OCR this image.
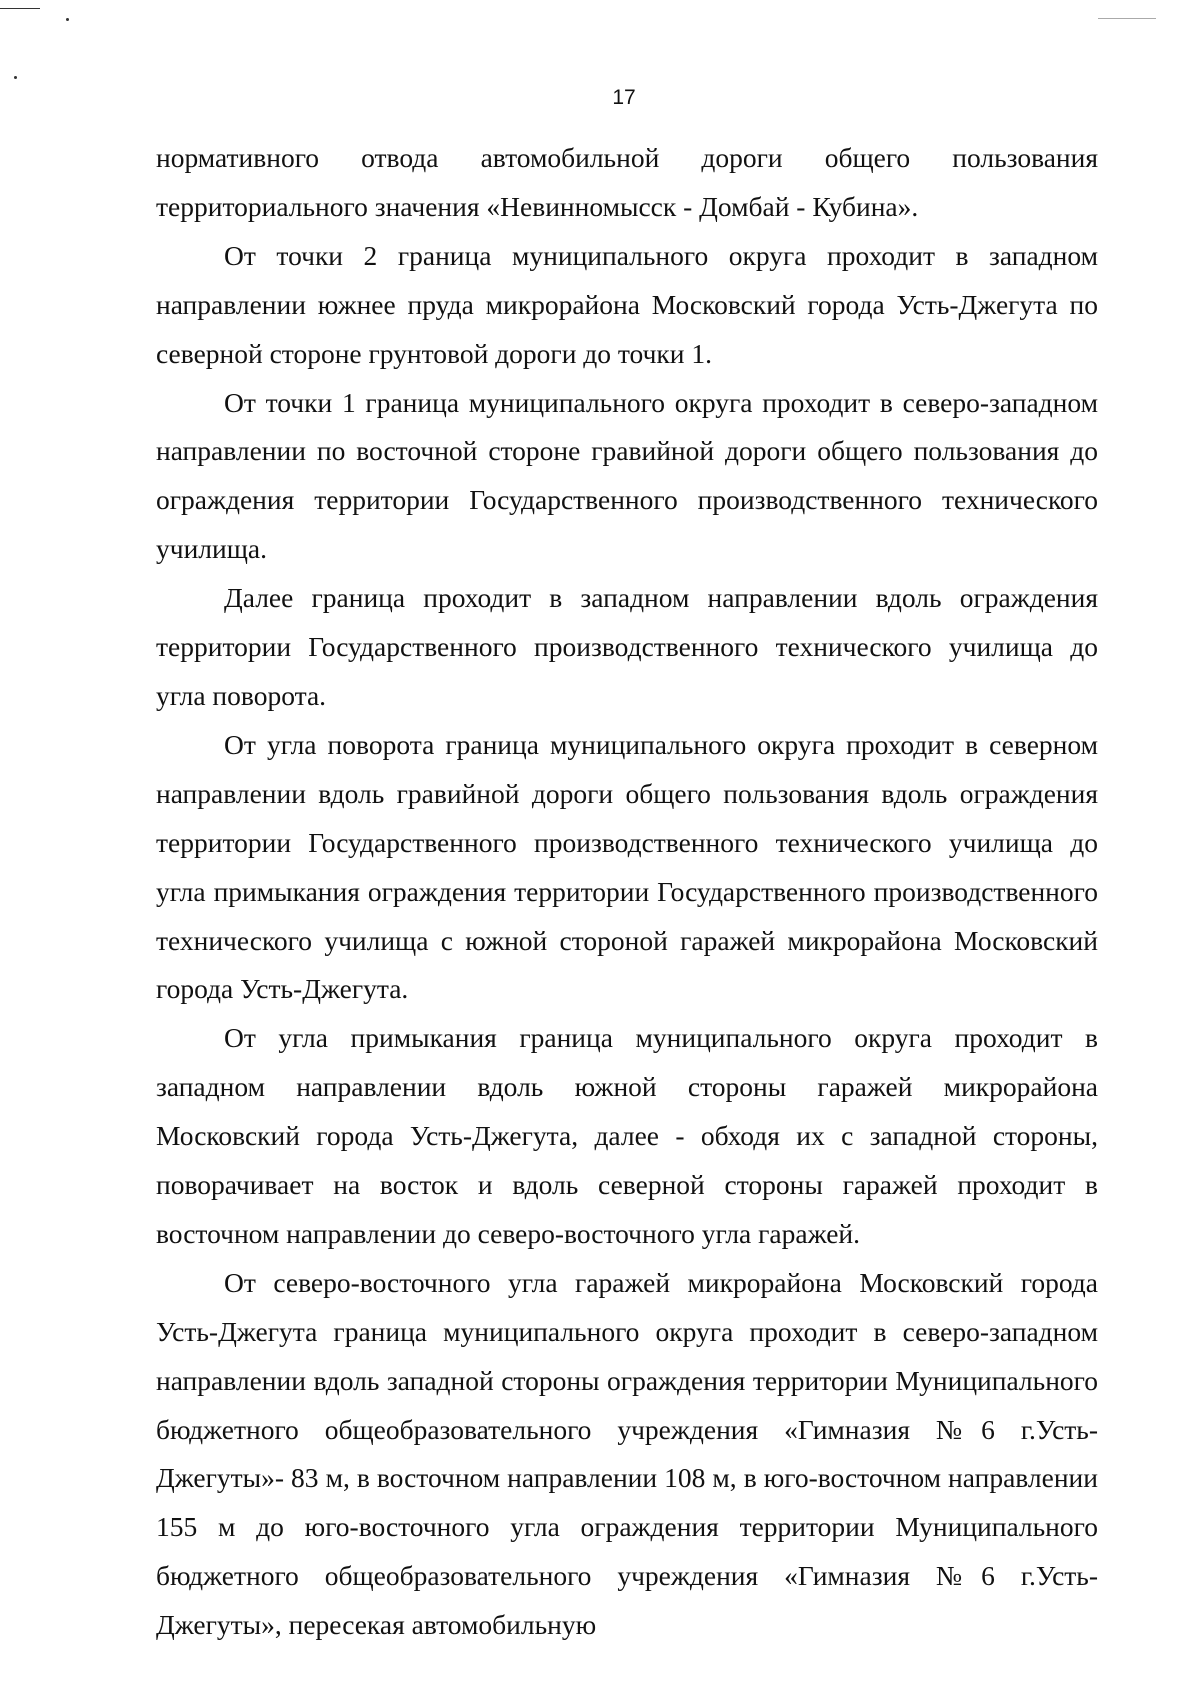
17

нормативного отвода автомобильной дороги общего пользования территориального значения «Невинномысск - Домбай - Кубина».

От точки 2 граница муниципального округа проходит в западном направлении южнее пруда микрорайона Московский города Усть-Джегута по северной стороне грунтовой дороги до точки 1.

От точки 1 граница муниципального округа проходит в северо-западном направлении по восточной стороне гравийной дороги общего пользования до ограждения территории Государственного производственного технического училища.

Далее граница проходит в западном направлении вдоль ограждения территории Государственного производственного технического училища до угла поворота.

От угла поворота граница муниципального округа проходит в северном направлении вдоль гравийной дороги общего пользования вдоль ограждения территории Государственного производственного технического училища до угла примыкания ограждения территории Государственного производственного технического училища с южной стороной гаражей микрорайона Московский города Усть-Джегута.

От угла примыкания граница муниципального округа проходит в западном направлении вдоль южной стороны гаражей микрорайона Московский города Усть-Джегута, далее - обходя их с западной стороны, поворачивает на восток и вдоль северной стороны гаражей проходит в восточном направлении до северо-восточного угла гаражей.

От северо-восточного угла гаражей микрорайона Московский города Усть-Джегута граница муниципального округа проходит в северо-западном направлении вдоль западной стороны ограждения территории Муниципального бюджетного общеобразовательного учреждения «Гимназия №6 г.Усть-Джегуты»- 83 м, в восточном направлении 108 м, в юго-восточном направлении 155 м до юго-восточного угла ограждения территории Муниципального бюджетного общеобразовательного учреждения «Гимназия №6 г.Усть-Джегуты», пересекая автомобильную
